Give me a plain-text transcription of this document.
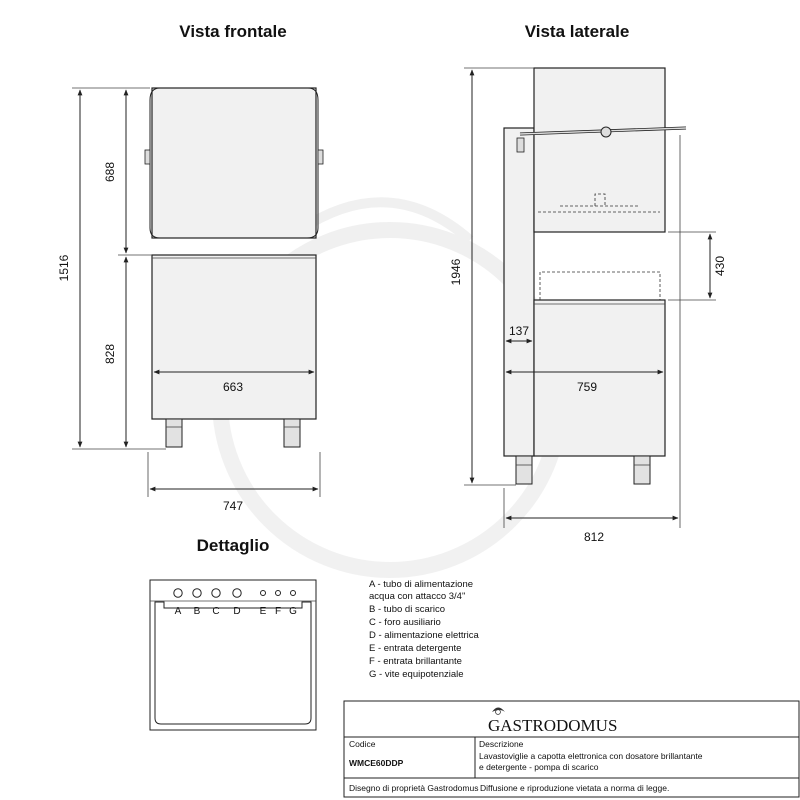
Vista frontale
1516
688
828
663
747
Vista laterale
1946	430
137
759
812
Dettaglio
A B C D E F G
A - tubo di alimentazione
acqua con attacco 3/4"
B - tubo di scarico
C - foro ausiliario
D - alimentazione elettrica
E - entrata detergente
F - entrata brillantante
G - vite equipotenziale
GASTRODOMUS
Codice
WMCE60DDP
Descrizione
Lavastoviglie a capotta elettronica con dosatore brillantante
e detergente - pompa di scarico
Disegno di proprietà Gastrodomus Diffusione e riproduzione vietata a norma di legge.
